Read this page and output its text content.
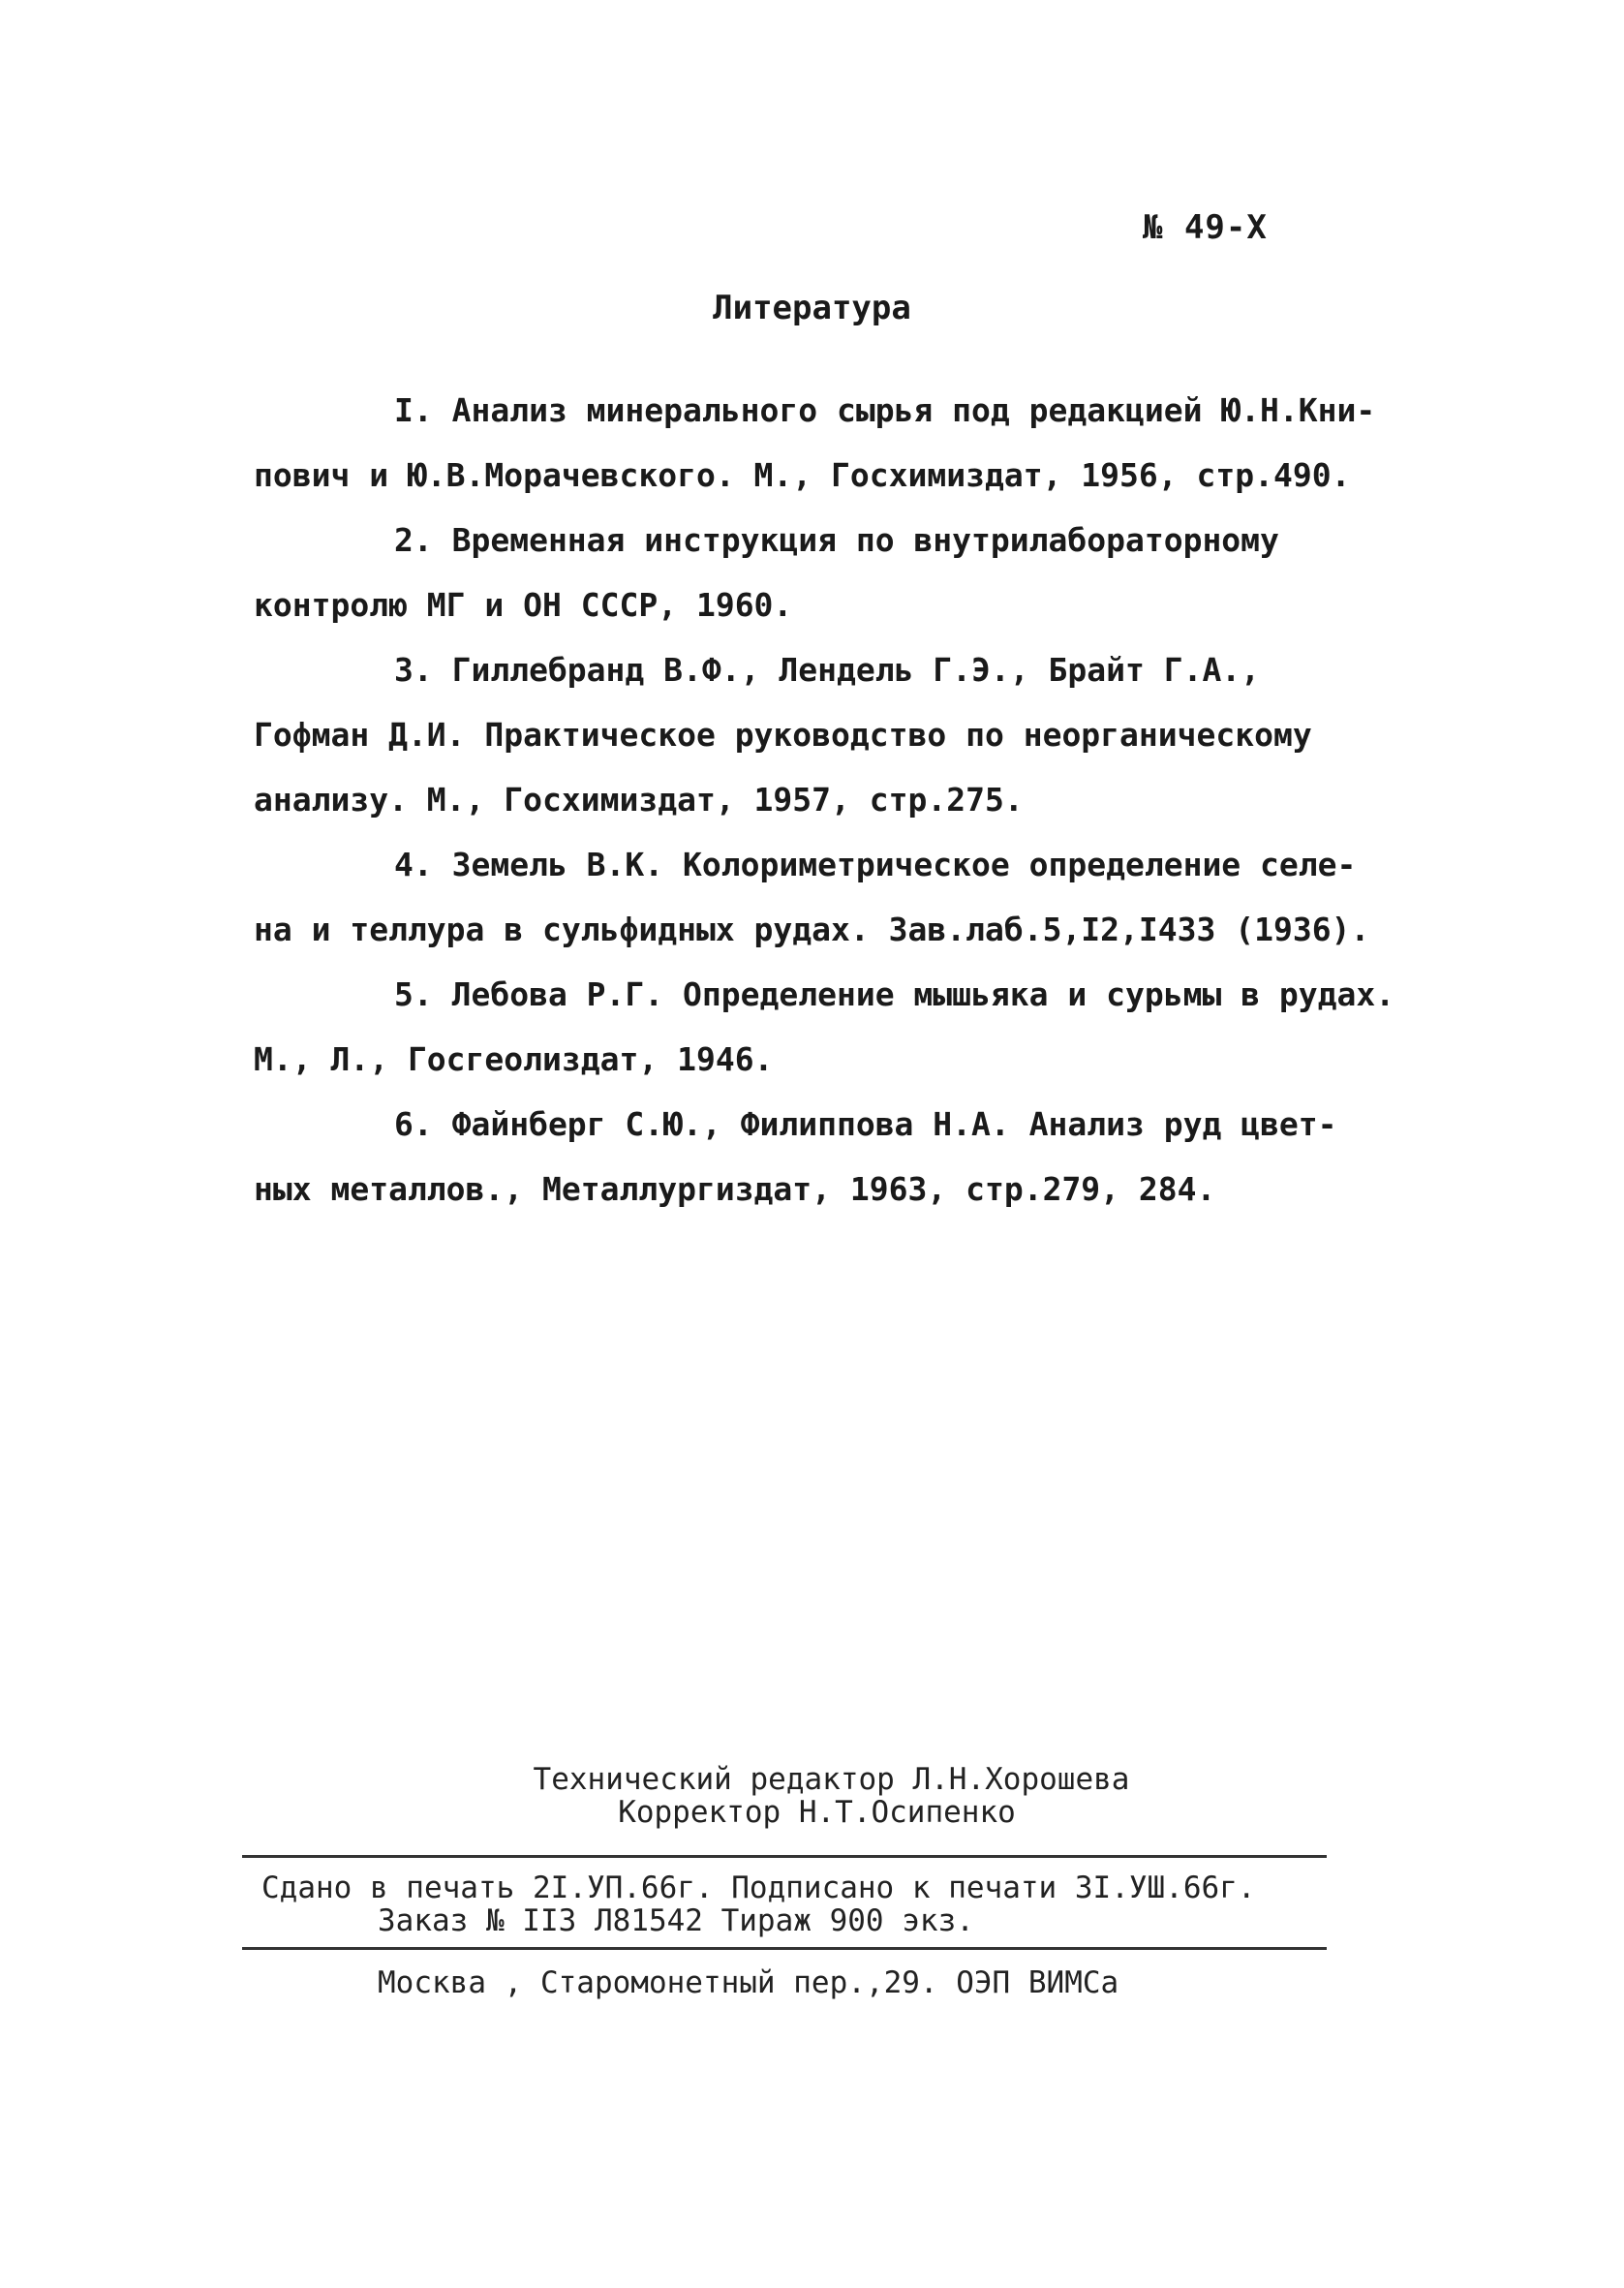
№ 49-Х
Литература
I. Анализ минерального сырья под редакцией Ю.Н.Кни-
пович и Ю.В.Морачевского. М., Госхимиздат, 1956, стр.490.
2. Временная инструкция по внутрилабораторному
контролю МГ и ОН СССР, 1960.
3. Гиллебранд В.Ф., Лендель Г.Э., Брайт Г.А.,
Гофман Д.И. Практическое руководство по неорганическому
анализу. М., Госхимиздат, 1957, стр.275.
4. Земель В.К. Колориметрическое определение селе-
на и теллура в сульфидных рудах. Зав.лаб.5,I2,I433 (1936).
5. Лебова Р.Г. Определение мышьяка и сурьмы в рудах.
М., Л., Госгеолиздат, 1946.
6. Файнберг С.Ю., Филиппова Н.А. Анализ руд цвет-
ных металлов., Металлургиздат, 1963, стр.279, 284.
Технический редактор Л.Н.Хорошева
Корректор Н.Т.Осипенко
Сдано в печать 2I.УП.66г. Подписано к печати 3I.УШ.66г.
Заказ № II3 Л81542 Тираж 900 экз.
Москва , Старомонетный пер.,29. ОЭП ВИМСа
